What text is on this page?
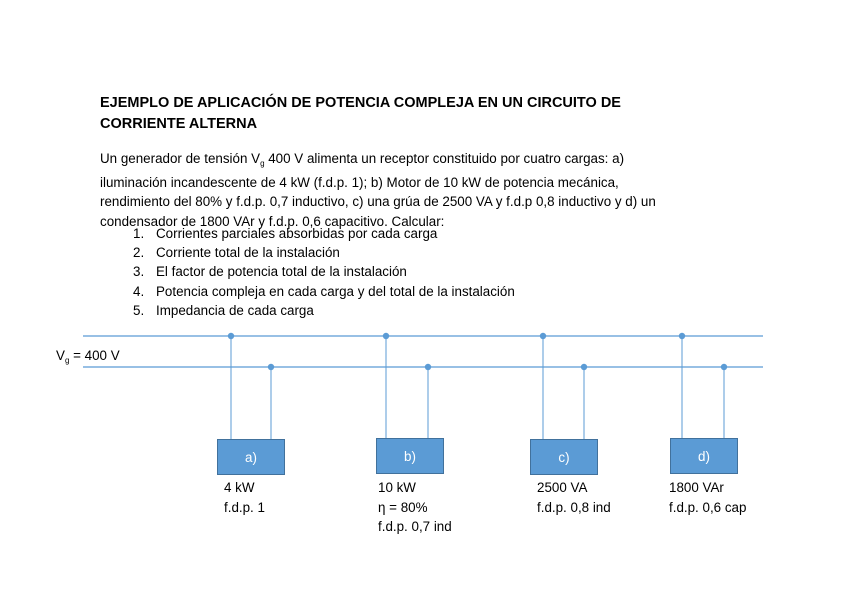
EJEMPLO DE APLICACIÓN DE POTENCIA COMPLEJA EN UN CIRCUITO DE CORRIENTE ALTERNA
Un generador de tensión $V_g$ 400 V alimenta un receptor constituido por cuatro cargas: a) iluminación incandescente de 4 kW (f.d.p. 1); b) Motor de 10 kW de potencia mecánica, rendimiento del 80% y f.d.p. 0,7 inductivo, c) una grúa de 2500 VA y f.d.p 0,8 inductivo y d) un condensador de 1800 VAr y f.d.p. 0,6 capacitivo. Calcular:
1. Corrientes parciales absorbidas por cada carga
2. Corriente total de la instalación
3. El factor de potencia total de la instalación
4. Potencia compleja en cada carga y del total de la instalación
5. Impedancia de cada carga
$V_g = 400$ V
a)	b)	c)	d)
4 kW
f.d.p. 1
10 kW
η = 80%
f.d.p. 0,7 ind
2500 VA
f.d.p. 0,8 ind
1800 VAr
f.d.p. 0,6 cap
